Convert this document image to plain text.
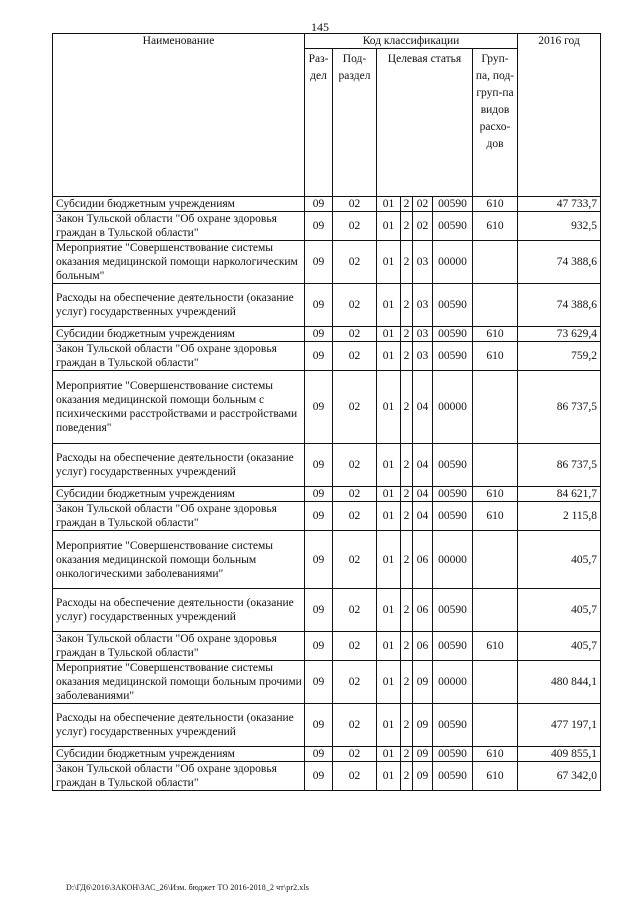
145
Наименование	Код классификации							2016 год
	Раз-дел	Под-раздел	Целевая статья				Груп-па, под-груп-па видов расхо-дов	
Субсидии бюджетным учреждениям	09	02	01	2	02	00590	610	47 733,7
Закон Тульской области "Об охране здоровья граждан в Тульской области"	09	02	01	2	02	00590	610	932,5
Мероприятие "Совершенствование системы оказания медицинской помощи наркологическим больным"	09	02	01	2	03	00000		74 388,6
Расходы на обеспечение деятельности (оказание услуг) государственных учреждений	09	02	01	2	03	00590		74 388,6
Субсидии бюджетным учреждениям	09	02	01	2	03	00590	610	73 629,4
Закон Тульской области "Об охране здоровья граждан в Тульской области"	09	02	01	2	03	00590	610	759,2
Мероприятие "Совершенствование системы оказания медицинской помощи больным с психическими расстройствами и расстройствами поведения"	09	02	01	2	04	00000		86 737,5
Расходы на обеспечение деятельности (оказание услуг) государственных учреждений	09	02	01	2	04	00590		86 737,5
Субсидии бюджетным учреждениям	09	02	01	2	04	00590	610	84 621,7
Закон Тульской области "Об охране здоровья граждан в Тульской области"	09	02	01	2	04	00590	610	2 115,8
Мероприятие "Совершенствование системы оказания медицинской помощи больным онкологическими заболеваниями"	09	02	01	2	06	00000		405,7
Расходы на обеспечение деятельности (оказание услуг) государственных учреждений	09	02	01	2	06	00590		405,7
Закон Тульской области "Об охране здоровья граждан в Тульской области"	09	02	01	2	06	00590	610	405,7
Мероприятие "Совершенствование системы оказания медицинской помощи больным прочими заболеваниями"	09	02	01	2	09	00000		480 844,1
Расходы на обеспечение деятельности (оказание услуг) государственных учреждений	09	02	01	2	09	00590		477 197,1
Субсидии бюджетным учреждениям	09	02	01	2	09	00590	610	409 855,1
Закон Тульской области "Об охране здоровья граждан в Тульской области"	09	02	01	2	09	00590	610	67 342,0
D:\ГД6\2016\ЗАКОН\ЗАС_26\Изм. бюджет ТО 2016-2018_2 чт\pr2.xls
